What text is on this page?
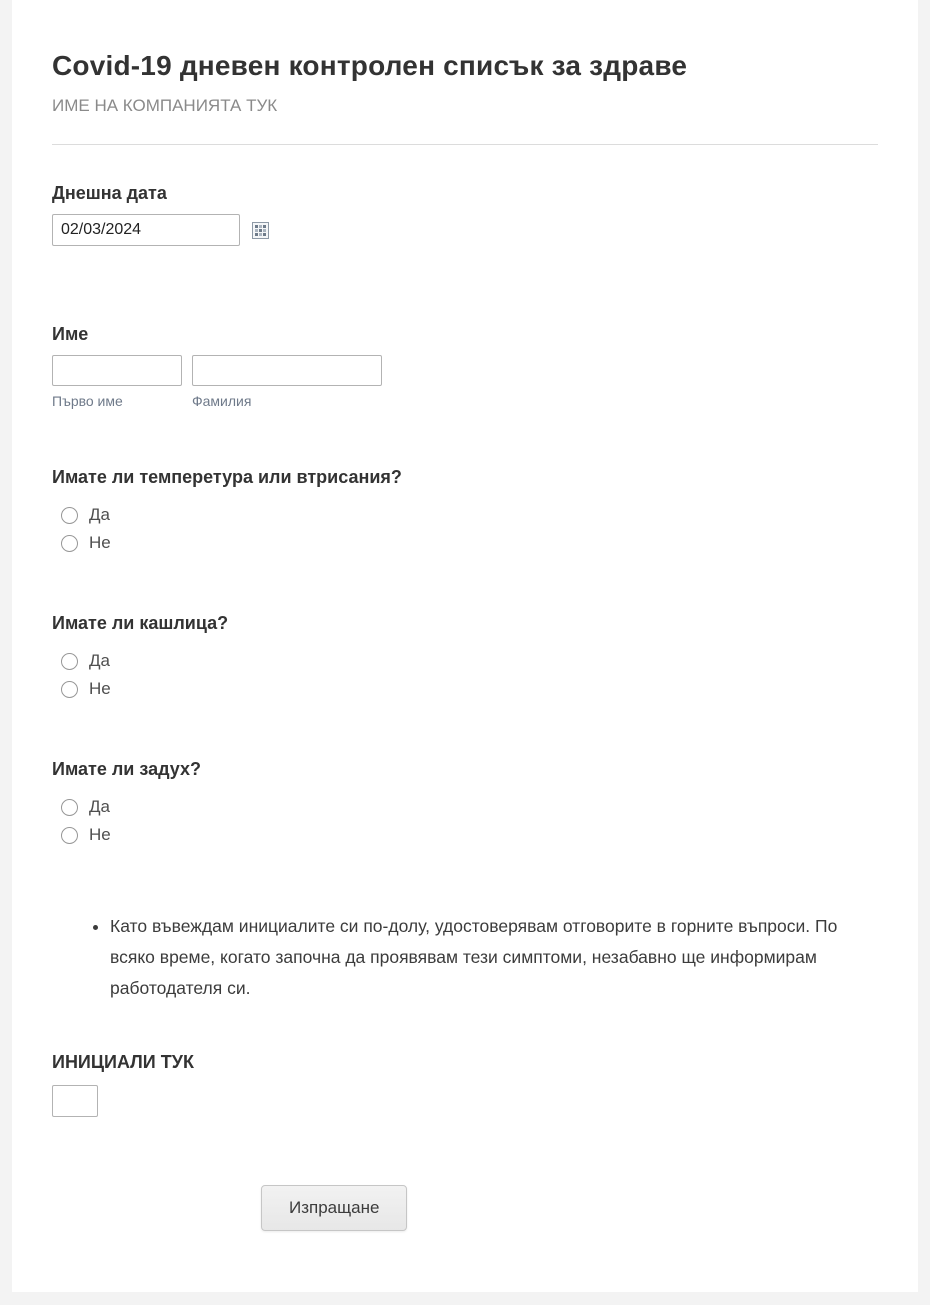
Covid-19 дневен контролен списък за здраве
ИМЕ НА КОМПАНИЯТА ТУК
Днешна дата
02/03/2024
Име
Първо име	Фамилия
Имате ли темперетура или втрисания?
Да
Не
Имате ли кашлица?
Да
Не
Имате ли задух?
Да
Не
• Като въвеждам инициалите си по-долу, удостоверявам отговорите в горните въпроси. По всяко време, когато започна да проявявам тези симптоми, незабавно ще информирам работодателя си.
ИНИЦИАЛИ ТУК
Изпращане
